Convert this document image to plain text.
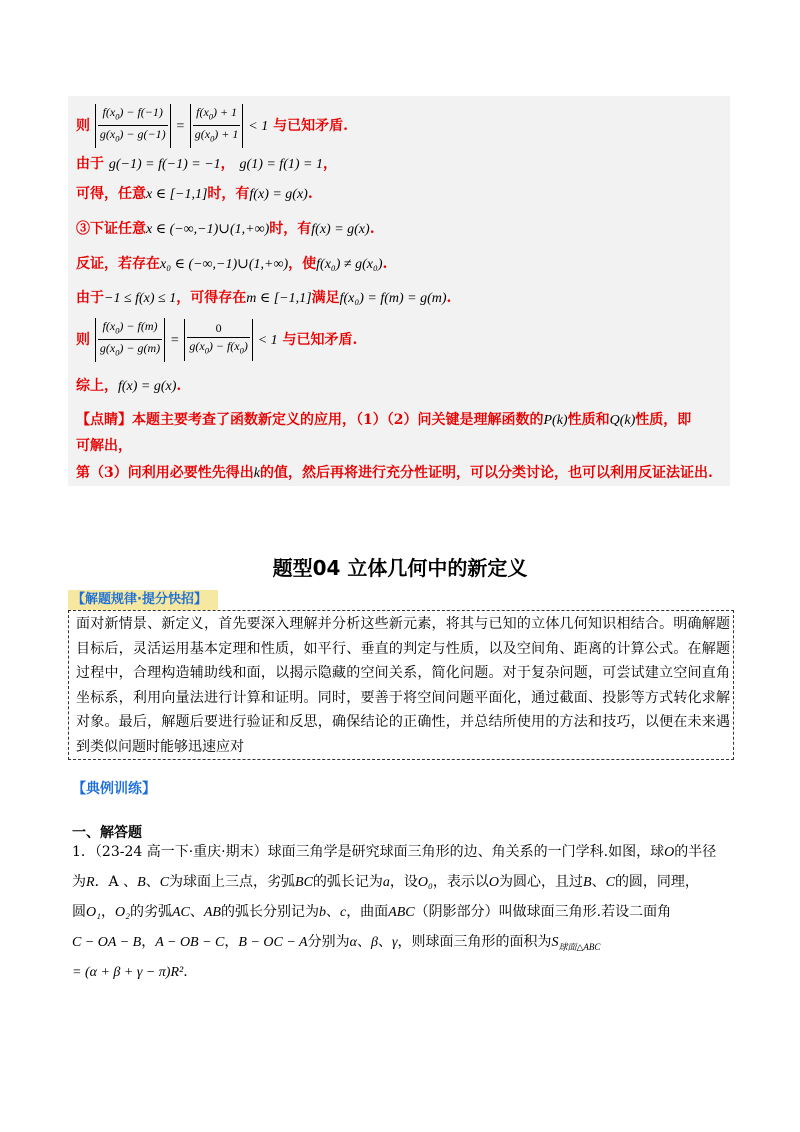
则 $\frac{f(x_0) - f(-1)}{g(x_0) - g(-1)} = \frac{f(x_0) + 1}{g(x_0) + 1} < 1$ 与已知矛盾.
由于 g(−1) = f(−1) = −1， g(1) = f(1) = 1，
可得，任意x ∈ [−1,1]时，有f(x) = g(x).
③下证任意x ∈ (−∞,−1)∪(1,+∞)时，有f(x) = g(x).
反证，若存在x₀ ∈ (−∞,−1)∪(1,+∞)，使f(x₀) ≠ g(x₀).
由于−1 ≤ f(x) ≤ 1，可得存在m ∈ [−1,1]满足f(x₀) = f(m) = g(m).
则 $\frac{f(x_0) - f(m)}{g(x_0) - g(m)} = \frac{0}{g(x_0) - f(x_0)} < 1$ 与已知矛盾.
综上，f(x) = g(x).
【点睛】本题主要考查了函数新定义的应用，（1）（2）问关键是理解函数的P(k)性质和Q(k)性质，即
可解出，
第（3）问利用必要性先得出k的值，然后再将进行充分性证明，可以分类讨论，也可以利用反证法证出.
题型04 立体几何中的新定义
【解题规律·提分快招】
面对新情景、新定义，首先要深入理解并分析这些新元素，将其与已知的立体几何知识相结合。明确解题目标后，灵活运用基本定理和性质，如平行、垂直的判定与性质，以及空间角、距离的计算公式。在解题过程中，合理构造辅助线和面，以揭示隐藏的空间关系，简化问题。对于复杂问题，可尝试建立空间直角坐标系，利用向量法进行计算和证明。同时，要善于将空间问题平面化，通过截面、投影等方式转化求解对象。最后，解题后要进行验证和反思，确保结论的正确性，并总结所使用的方法和技巧，以便在未来遇到类似问题时能够迅速应对
【典例训练】
一、解答题
1．（23-24 高一下·重庆·期末）球面三角学是研究球面三角形的边、角关系的一门学科.如图，球O的半径
为R．A 、B、C为球面上三点，劣弧BC的弧长记为a，设O₀，表示以O为圆心，且过B、C的圆，同理，
圆O₁，O₂的劣弧AC、AB的弧长分别记为b、c，曲面ABC（阴影部分）叫做球面三角形.若设二面角
C − OA − B，A − OB − C，B − OC − A分别为α、β、γ，则球面三角形的面积为$S_{球面\triangle ABC}$
= (α + β + γ − π)R².
